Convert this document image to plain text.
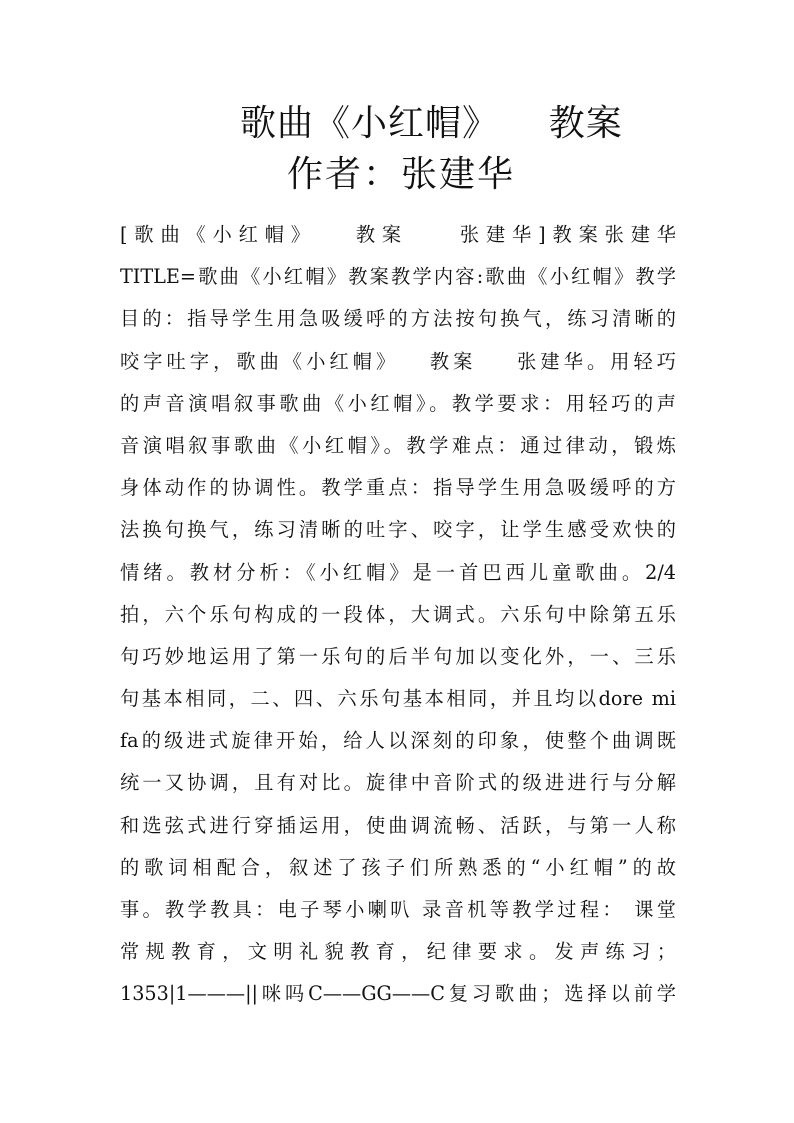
歌曲《小红帽》    教案
作者：张建华
[歌曲《小红帽》   教案    张建华]教案张建华
TITLE=歌曲《小红帽》教案教学内容:歌曲《小红帽》教学
目的：指导学生用急吸缓呼的方法按句换气，练习清晰的
咬字吐字，歌曲《小红帽》   教案    张建华。用轻巧
的声音演唱叙事歌曲《小红帽》。教学要求：用轻巧的声
音演唱叙事歌曲《小红帽》。教学难点：通过律动，锻炼
身体动作的协调性。教学重点：指导学生用急吸缓呼的方
法换句换气，练习清晰的吐字、咬字，让学生感受欢快的
情绪。教材分析：《小红帽》是一首巴西儿童歌曲。2/4
拍，六个乐句构成的一段体，大调式。六乐句中除第五乐
句巧妙地运用了第一乐句的后半句加以变化外，一、三乐
句基本相同，二、四、六乐句基本相同，并且均以dore mi
fa的级进式旋律开始，给人以深刻的印象，使整个曲调既
统一又协调，且有对比。旋律中音阶式的级进进行与分解
和选弦式进行穿插运用，使曲调流畅、活跃，与第一人称
的歌词相配合，叙述了孩子们所熟悉的“小红帽”的故
事。教学教具：电子琴小喇叭 录音机等教学过程： 课堂
常规教育，文明礼貌教育，纪律要求。发声练习；
1353|1———||咪吗C——GG——C复习歌曲；选择以前学
